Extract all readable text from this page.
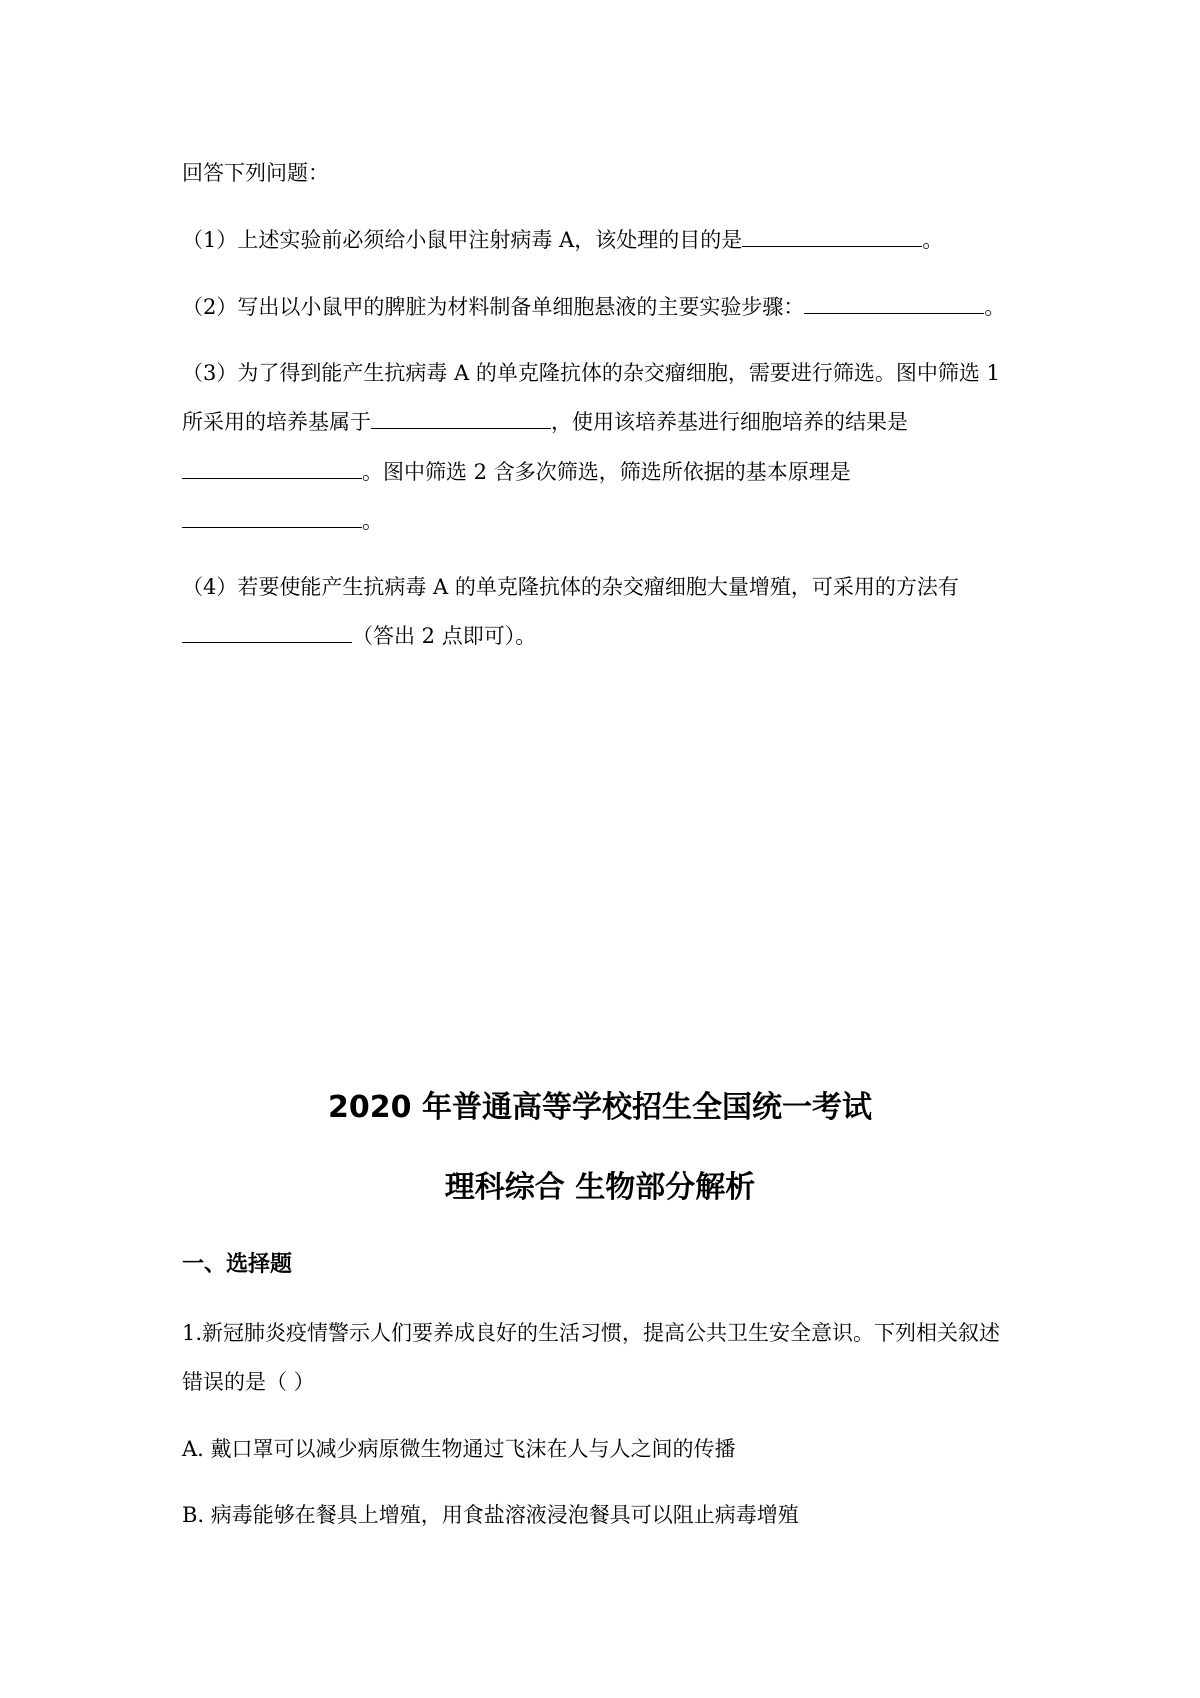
回答下列问题：

（1）上述实验前必须给小鼠甲注射病毒 A，该处理的目的是	。

（2）写出以小鼠甲的脾脏为材料制备单细胞悬液的主要实验步骤：	。

（3）为了得到能产生抗病毒 A 的单克隆抗体的杂交瘤细胞，需要进行筛选。图中筛选 1

所采用的培养基属于	，使用该培养基进行细胞培养的结果是

。图中筛选 2 含多次筛选，筛选所依据的基本原理是

。

（4）若要使能产生抗病毒 A 的单克隆抗体的杂交瘤细胞大量增殖，可采用的方法有

（答出 2 点即可）。

2020 年普通高等学校招生全国统一考试
理科综合 生物部分解析
一、选择题

1.新冠肺炎疫情警示人们要养成良好的生活习惯，提高公共卫生安全意识。下列相关叙述

错误的是（ ）

A. 戴口罩可以减少病原微生物通过飞沫在人与人之间的传播

B. 病毒能够在餐具上增殖，用食盐溶液浸泡餐具可以阻止病毒增殖
